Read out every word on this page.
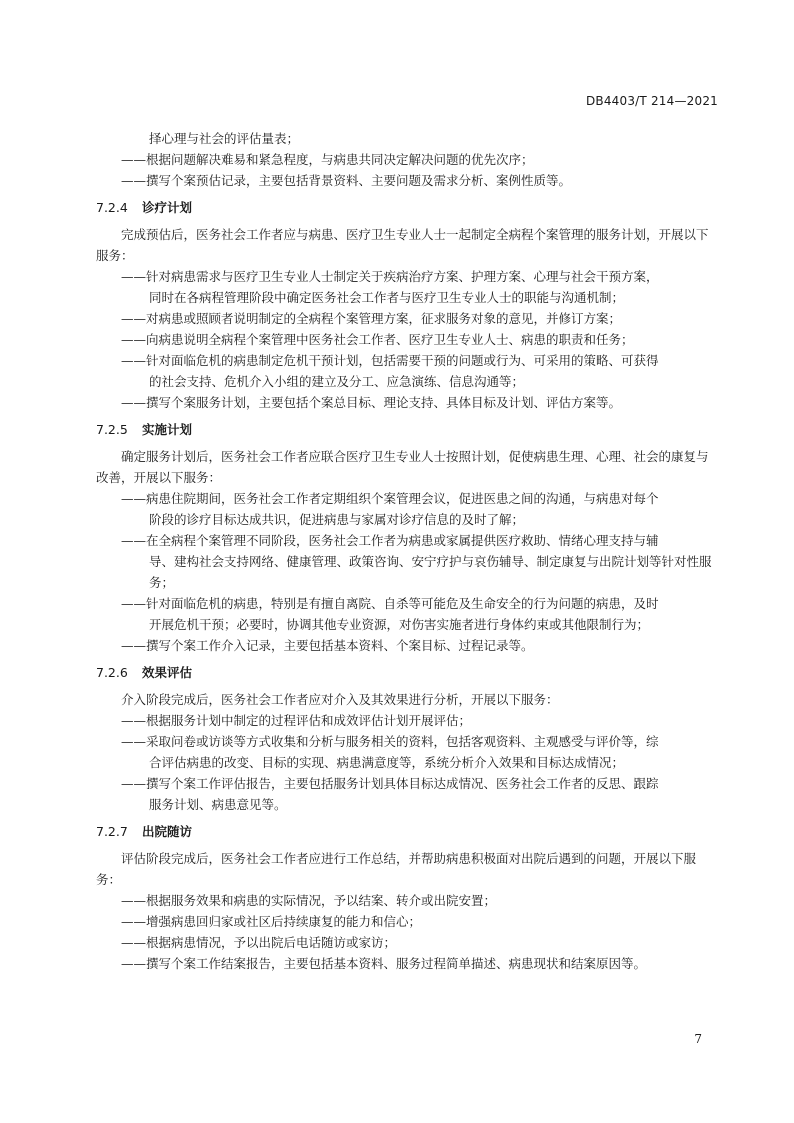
DB4403/T 214—2021

择心理与社会的评估量表；

——根据问题解决难易和紧急程度，与病患共同决定解决问题的优先次序；

——撰写个案预估记录，主要包括背景资料、主要问题及需求分析、案例性质等。

7.2.4 诊疗计划

完成预估后，医务社会工作者应与病患、医疗卫生专业人士一起制定全病程个案管理的服务计划，开展以下服务：

——针对病患需求与医疗卫生专业人士制定关于疾病治疗方案、护理方案、心理与社会干预方案，

同时在各病程管理阶段中确定医务社会工作者与医疗卫生专业人士的职能与沟通机制；

——对病患或照顾者说明制定的全病程个案管理方案，征求服务对象的意见，并修订方案；

——向病患说明全病程个案管理中医务社会工作者、医疗卫生专业人士、病患的职责和任务；

——针对面临危机的病患制定危机干预计划，包括需要干预的问题或行为、可采用的策略、可获得

的社会支持、危机介入小组的建立及分工、应急演练、信息沟通等；

——撰写个案服务计划，主要包括个案总目标、理论支持、具体目标及计划、评估方案等。

7.2.5 实施计划

确定服务计划后，医务社会工作者应联合医疗卫生专业人士按照计划，促使病患生理、心理、社会的康复与改善，开展以下服务：

——病患住院期间，医务社会工作者定期组织个案管理会议，促进医患之间的沟通，与病患对每个

阶段的诊疗目标达成共识，促进病患与家属对诊疗信息的及时了解；

——在全病程个案管理不同阶段，医务社会工作者为病患或家属提供医疗救助、情绪心理支持与辅

导、建构社会支持网络、健康管理、政策咨询、安宁疗护与哀伤辅导、制定康复与出院计划等针对性服务；

——针对面临危机的病患，特别是有擅自离院、自杀等可能危及生命安全的行为问题的病患，及时

开展危机干预；必要时，协调其他专业资源，对伤害实施者进行身体约束或其他限制行为；

——撰写个案工作介入记录，主要包括基本资料、个案目标、过程记录等。

7.2.6 效果评估

介入阶段完成后，医务社会工作者应对介入及其效果进行分析，开展以下服务：

——根据服务计划中制定的过程评估和成效评估计划开展评估；

——采取问卷或访谈等方式收集和分析与服务相关的资料，包括客观资料、主观感受与评价等，综

合评估病患的改变、目标的实现、病患满意度等，系统分析介入效果和目标达成情况；

——撰写个案工作评估报告，主要包括服务计划具体目标达成情况、医务社会工作者的反思、跟踪

服务计划、病患意见等。

7.2.7 出院随访

评估阶段完成后，医务社会工作者应进行工作总结，并帮助病患积极面对出院后遇到的问题，开展以下服务：

——根据服务效果和病患的实际情况，予以结案、转介或出院安置；

——增强病患回归家或社区后持续康复的能力和信心；

——根据病患情况，予以出院后电话随访或家访；

——撰写个案工作结案报告，主要包括基本资料、服务过程简单描述、病患现状和结案原因等。

7
